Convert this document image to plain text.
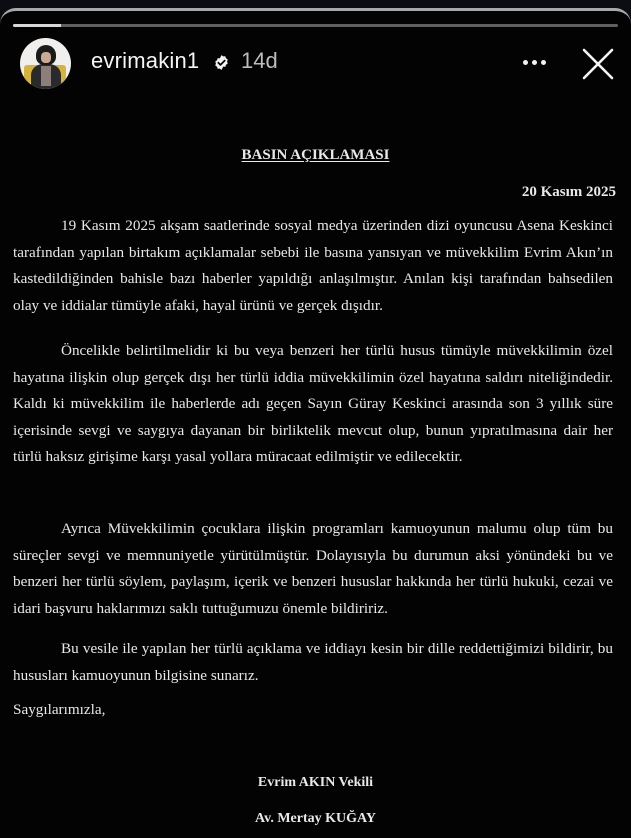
evrimakin1 14d
BASIN AÇIKLAMASI
20 Kasım 2025

19 Kasım 2025 akşam saatlerinde sosyal medya üzerinden dizi oyuncusu Asena Keskinci tarafından yapılan birtakım açıklamalar sebebi ile basına yansıyan ve müvekkilim Evrim Akın’ın kastedildiğinden bahisle bazı haberler yapıldığı anlaşılmıştır. Anılan kişi tarafından bahsedilen olay ve iddialar tümüyle afaki, hayal ürünü ve gerçek dışıdır.

Öncelikle belirtilmelidir ki bu veya benzeri her türlü husus tümüyle müvekkilimin özel hayatına ilişkin olup gerçek dışı her türlü iddia müvekkilimin özel hayatına saldırı niteliğindedir. Kaldı ki müvekkilim ile haberlerde adı geçen Sayın Güray Keskinci arasında son 3 yıllık süre içerisinde sevgi ve saygıya dayanan bir birliktelik mevcut olup, bunun yıpratılmasına dair her türlü haksız girişime karşı yasal yollara müracaat edilmiştir ve edilecektir.

Ayrıca Müvekkilimin çocuklara ilişkin programları kamuoyunun malumu olup tüm bu süreçler sevgi ve memnuniyetle yürütülmüştür. Dolayısıyla bu durumun aksi yönündeki bu ve benzeri her türlü söylem, paylaşım, içerik ve benzeri hususlar hakkında her türlü hukuki, cezai ve idari başvuru haklarımızı saklı tuttuğumuzu önemle bildiririz.

Bu vesile ile yapılan her türlü açıklama ve iddiayı kesin bir dille reddettiğimizi bildirir, bu hususları kamuoyunun bilgisine sunarız.

Saygılarımızla,
Evrim AKIN Vekili
Av. Mertay KUĞAY
